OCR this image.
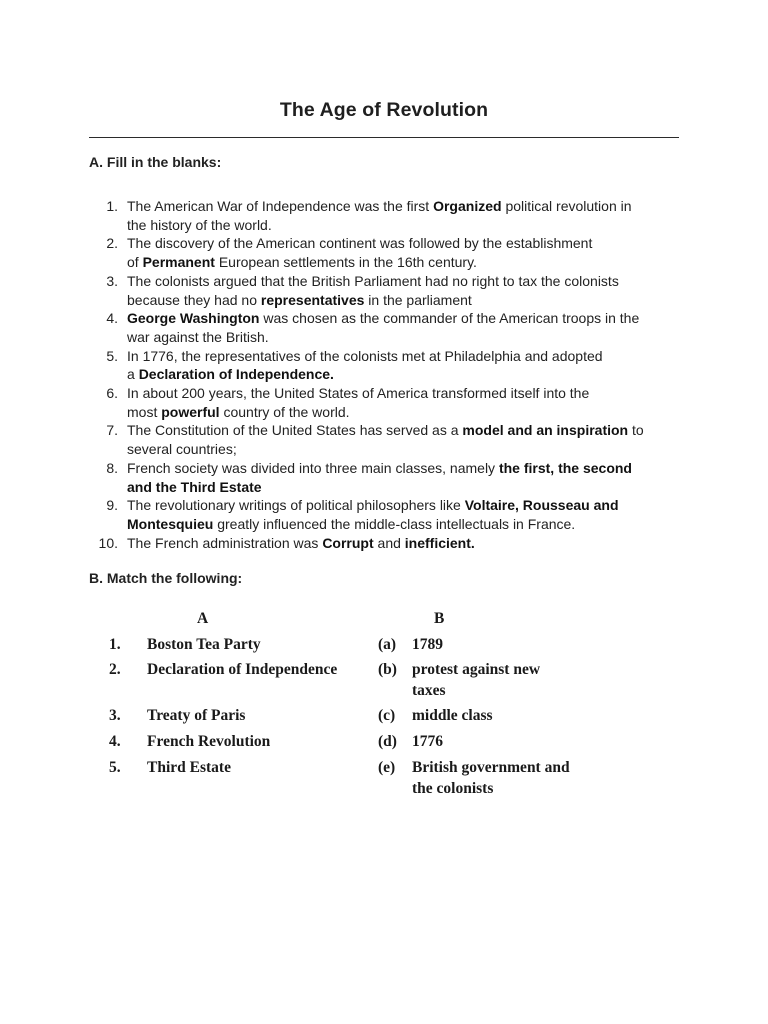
The Age of Revolution
A. Fill in the blanks:
1. The American War of Independence was the first Organized political revolution in
the history of the world.
2. The discovery of the American continent was followed by the establishment
of Permanent European settlements in the 16th century.
3. The colonists argued that the British Parliament had no right to tax the colonists
because they had no representatives in the parliament
4. George Washington was chosen as the commander of the American troops in the
war against the British.
5. In 1776, the representatives of the colonists met at Philadelphia and adopted
a Declaration of Independence.
6. In about 200 years, the United States of America transformed itself into the
most powerful country of the world.
7. The Constitution of the United States has served as a model and an inspiration to
several countries;
8. French society was divided into three main classes, namely the first, the second
and the Third Estate
9. The revolutionary writings of political philosophers like Voltaire, Rousseau and
Montesquieu greatly influenced the middle-class intellectuals in France.
10. The French administration was Corrupt and inefficient.
B. Match the following:
A	B
1. Boston Tea Party	(a) 1789
2. Declaration of Independence	(b) protest against new taxes
3. Treaty of Paris	(c) middle class
4. French Revolution	(d) 1776
5. Third Estate	(e) British government and the colonists
